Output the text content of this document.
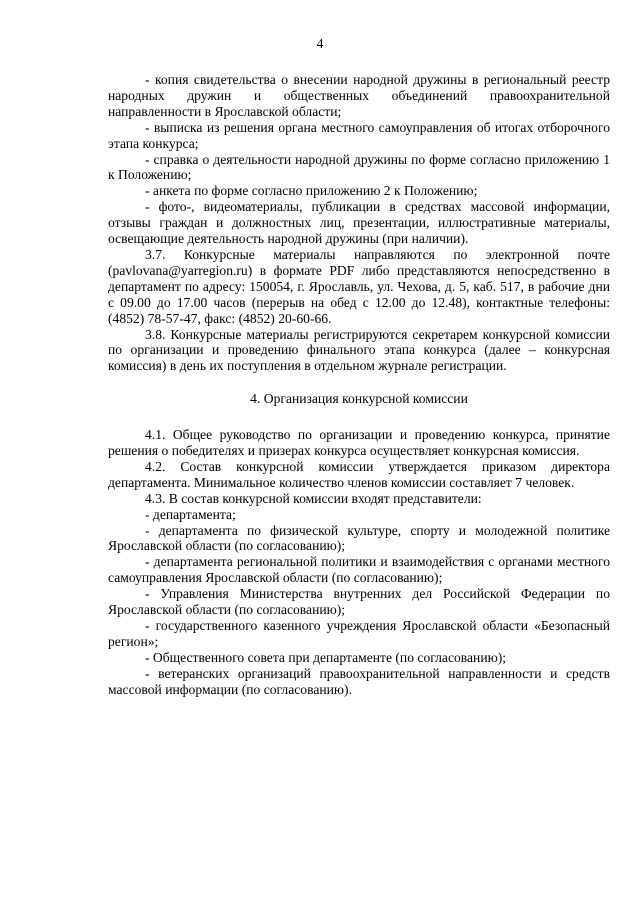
4

- копия свидетельства о внесении народной дружины в региональный реестр народных дружин и общественных объединений правоохранительной направленности в Ярославской области;

- выписка из решения органа местного самоуправления об итогах отборочного этапа конкурса;

- справка о деятельности народной дружины по форме согласно приложению 1 к Положению;

- анкета по форме согласно приложению 2 к Положению;

- фото-, видеоматериалы, публикации в средствах массовой информации, отзывы граждан и должностных лиц, презентации, иллюстративные материалы, освещающие деятельность народной дружины (при наличии).

3.7. Конкурсные материалы направляются по электронной почте (pavlovana@yarregion.ru) в формате PDF либо представляются непосредственно в департамент по адресу: 150054, г. Ярославль, ул. Чехова, д. 5, каб. 517, в рабочие дни с 09.00 до 17.00 часов (перерыв на обед с 12.00 до 12.48), контактные телефоны: (4852) 78-57-47, факс: (4852) 20-60-66.

3.8. Конкурсные материалы регистрируются секретарем конкурсной комиссии по организации и проведению финального этапа конкурса (далее – конкурсная комиссия) в день их поступления в отдельном журнале регистрации.

4. Организация конкурсной комиссии

4.1. Общее руководство по организации и проведению конкурса, принятие решения о победителях и призерах конкурса осуществляет конкурсная комиссия.

4.2. Состав конкурсной комиссии утверждается приказом директора департамента. Минимальное количество членов комиссии составляет 7 человек.

4.3. В состав конкурсной комиссии входят представители:

- департамента;

- департамента по физической культуре, спорту и молодежной политике Ярославской области (по согласованию);

- департамента региональной политики и взаимодействия с органами местного самоуправления Ярославской области (по согласованию);

- Управления Министерства внутренних дел Российской Федерации по Ярославской области (по согласованию);

- государственного казенного учреждения Ярославской области «Безопасный регион»;

- Общественного совета при департаменте (по согласованию);

- ветеранских организаций правоохранительной направленности и средств массовой информации (по согласованию).
